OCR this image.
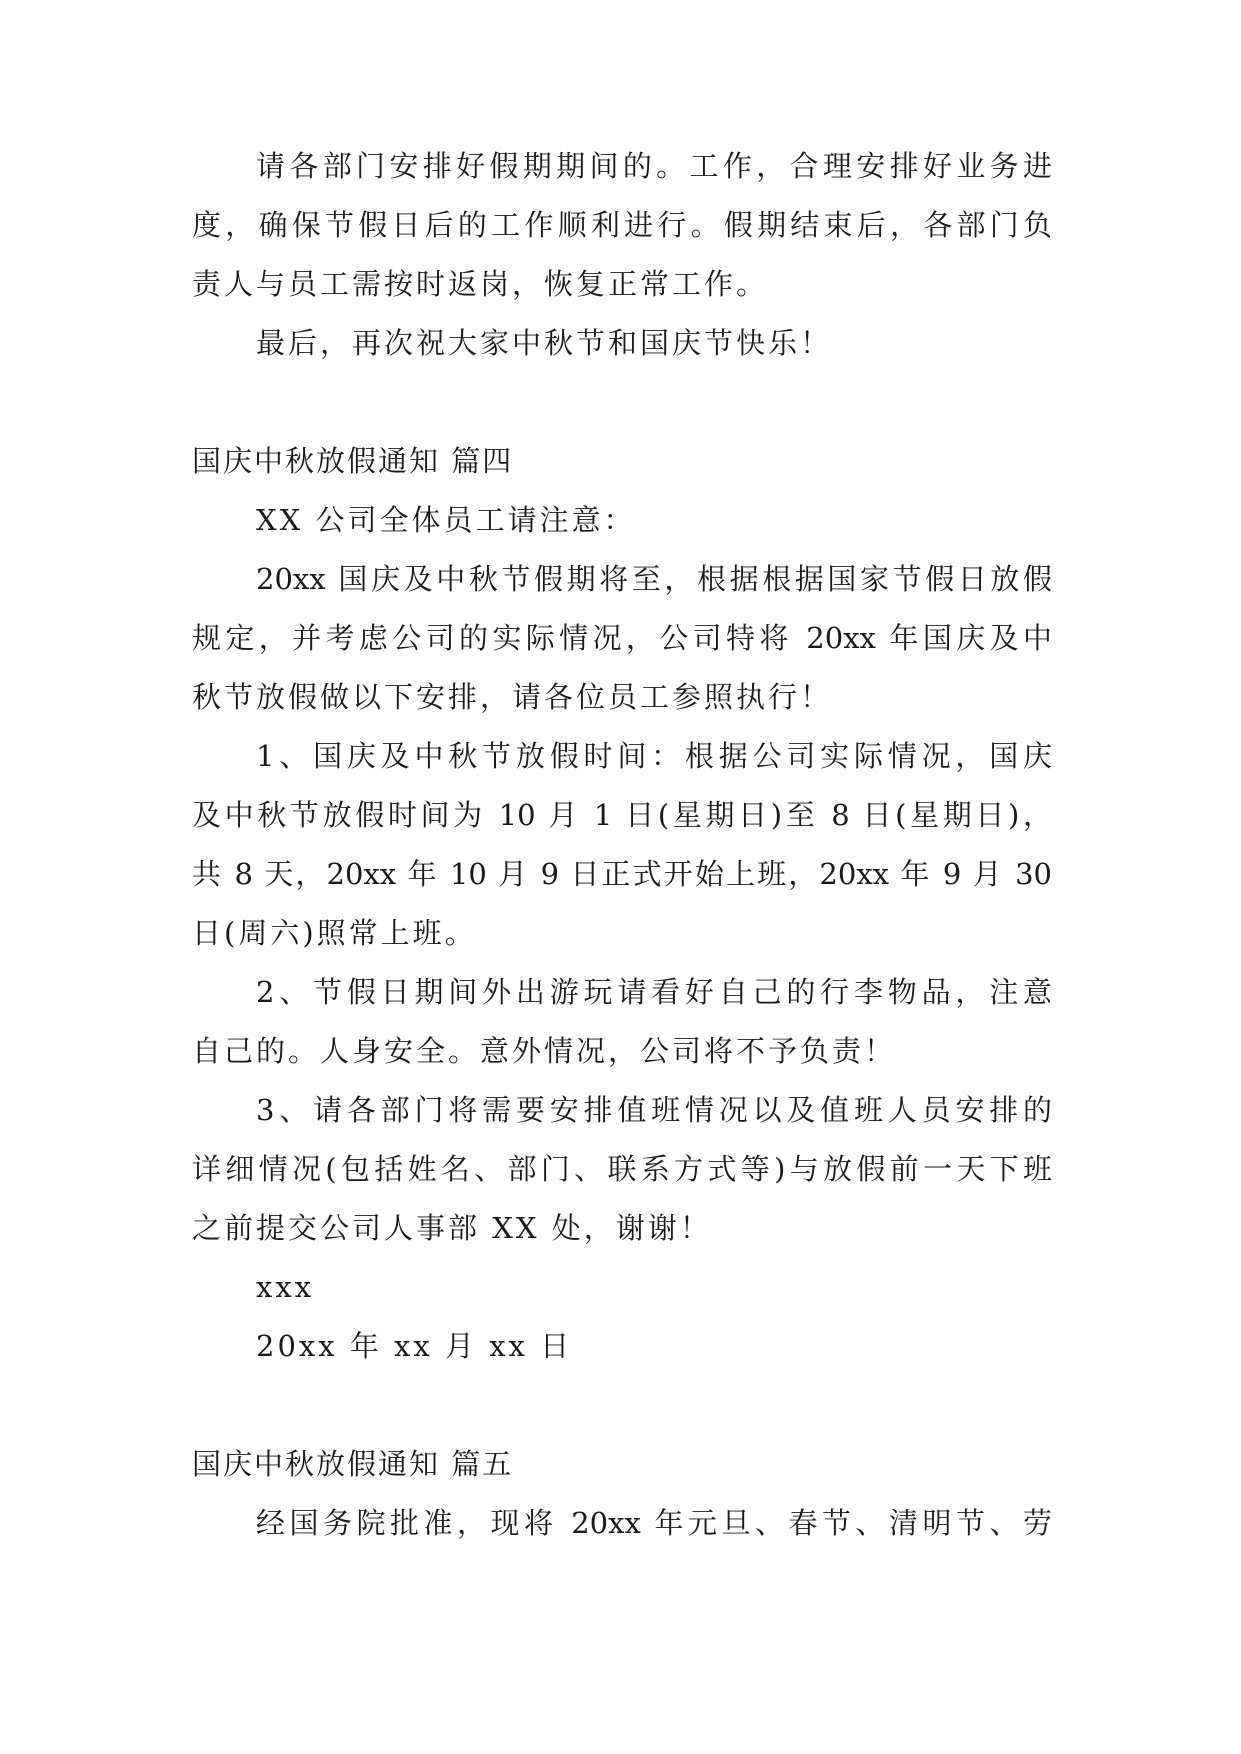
请各部门安排好假期期间的。工作，合理安排好业务进
度，确保节假日后的工作顺利进行。假期结束后，各部门负
责人与员工需按时返岗，恢复正常工作。
最后，再次祝大家中秋节和国庆节快乐！
国庆中秋放假通知 篇四
XX 公司全体员工请注意：
20xx 国庆及中秋节假期将至，根据根据国家节假日放假
规定，并考虑公司的实际情况，公司特将 20xx 年国庆及中
秋节放假做以下安排，请各位员工参照执行！
1、国庆及中秋节放假时间：根据公司实际情况，国庆
及中秋节放假时间为 10 月 1 日(星期日)至 8 日(星期日)，
共 8 天，20xx 年 10 月 9 日正式开始上班，20xx 年 9 月 30
日(周六)照常上班。
2、节假日期间外出游玩请看好自己的行李物品，注意
自己的。人身安全。意外情况，公司将不予负责！
3、请各部门将需要安排值班情况以及值班人员安排的
详细情况(包括姓名、部门、联系方式等)与放假前一天下班
之前提交公司人事部 XX 处，谢谢！
xxx
20xx 年 xx 月 xx 日
国庆中秋放假通知 篇五
经国务院批准，现将 20xx 年元旦、春节、清明节、劳
